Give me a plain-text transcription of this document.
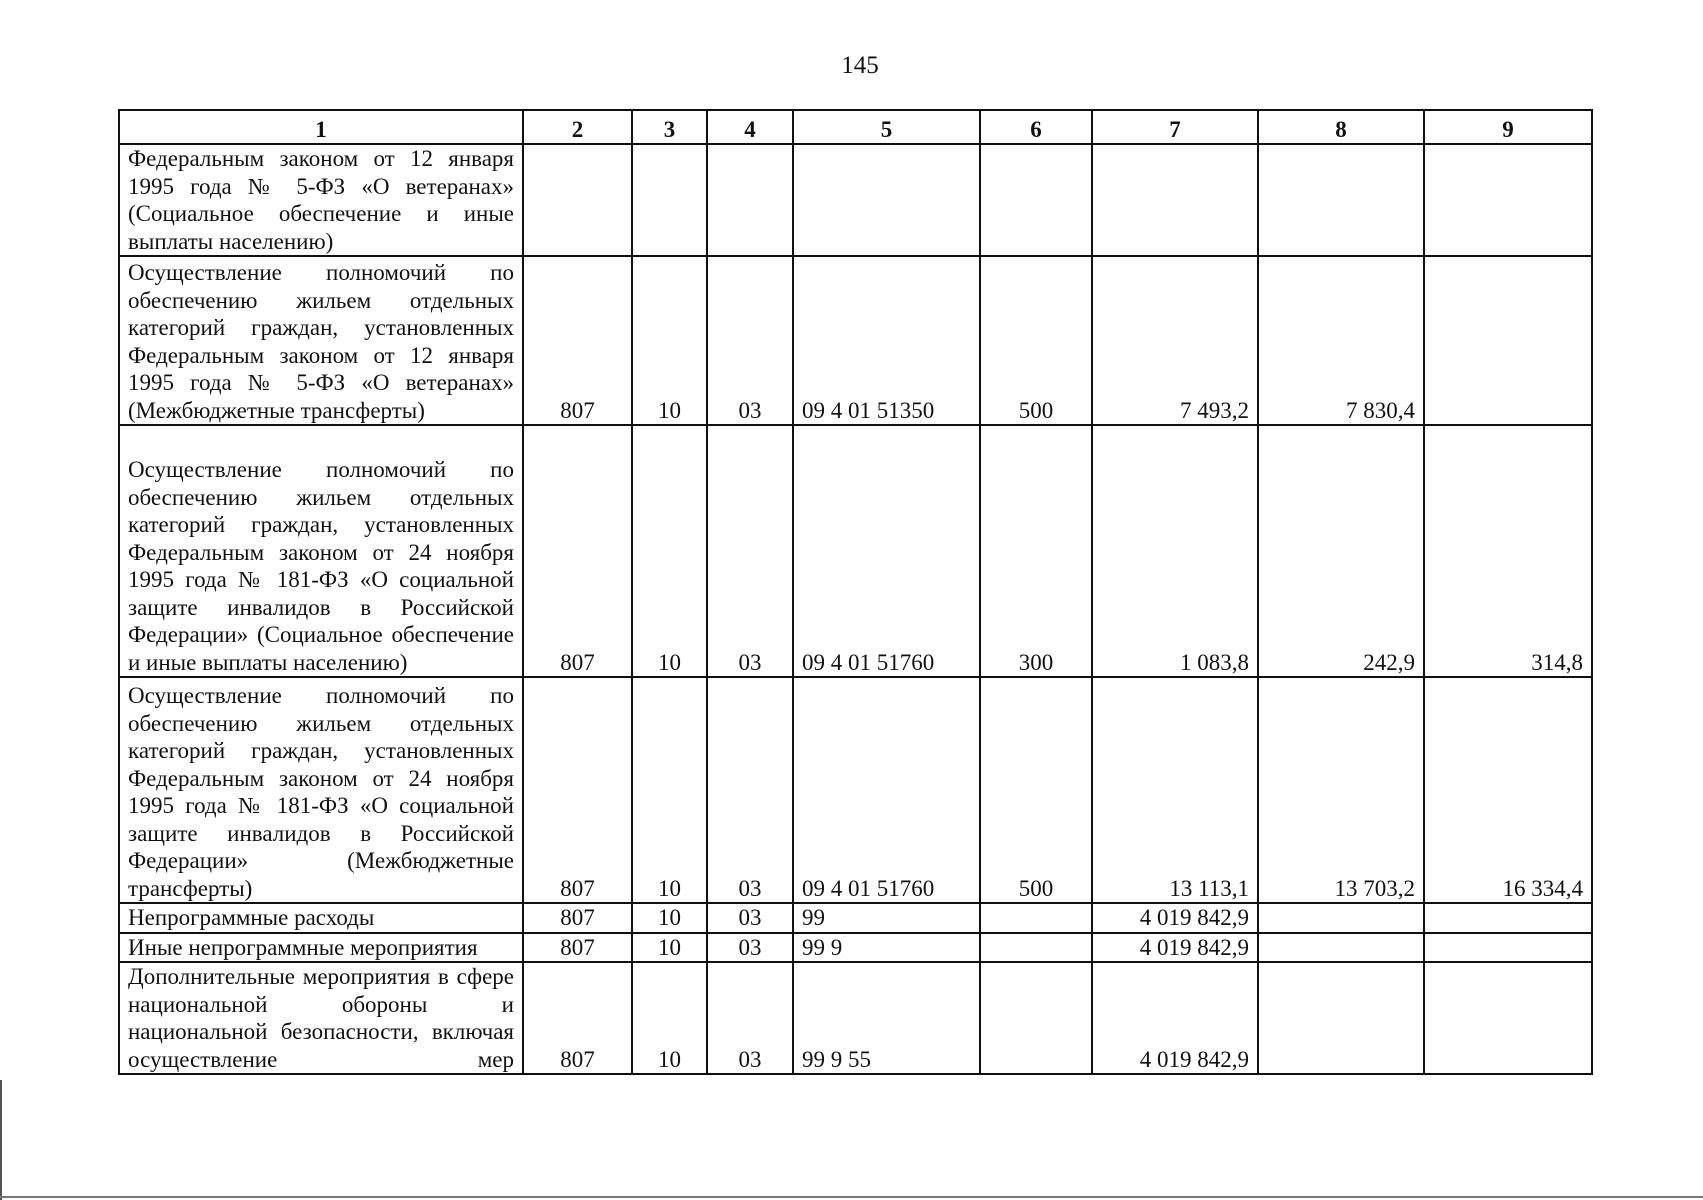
145
1	2	3	4	5	6	7	8	9
Федеральным законом от 12 января 1995 года № 5-ФЗ «О ветеранах» (Социальное обеспечение и иные выплаты населению)								
Осуществление полномочий по обеспечению жильем отдельных категорий граждан, установленных Федеральным законом от 12 января 1995 года № 5-ФЗ «О ветеранах» (Межбюджетные трансферты)	807	10	03	09 4 01 51350	500	7 493,2	7 830,4	
Осуществление полномочий по обеспечению жильем отдельных категорий граждан, установленных Федеральным законом от 24 ноября 1995 года № 181-ФЗ «О социальной защите инвалидов в Российской Федерации» (Социальное обеспечение и иные выплаты населению)	807	10	03	09 4 01 51760	300	1 083,8	242,9	314,8
Осуществление полномочий по обеспечению жильем отдельных категорий граждан, установленных Федеральным законом от 24 ноября 1995 года № 181-ФЗ «О социальной защите инвалидов в Российской Федерации» (Межбюджетные трансферты)	807	10	03	09 4 01 51760	500	13 113,1	13 703,2	16 334,4
Непрограммные расходы	807	10	03	99		4 019 842,9		
Иные непрограммные мероприятия	807	10	03	99 9		4 019 842,9		
Дополнительные мероприятия в сфере национальной обороны и национальной безопасности, включая осуществление мер	807	10	03	99 9 55		4 019 842,9		
